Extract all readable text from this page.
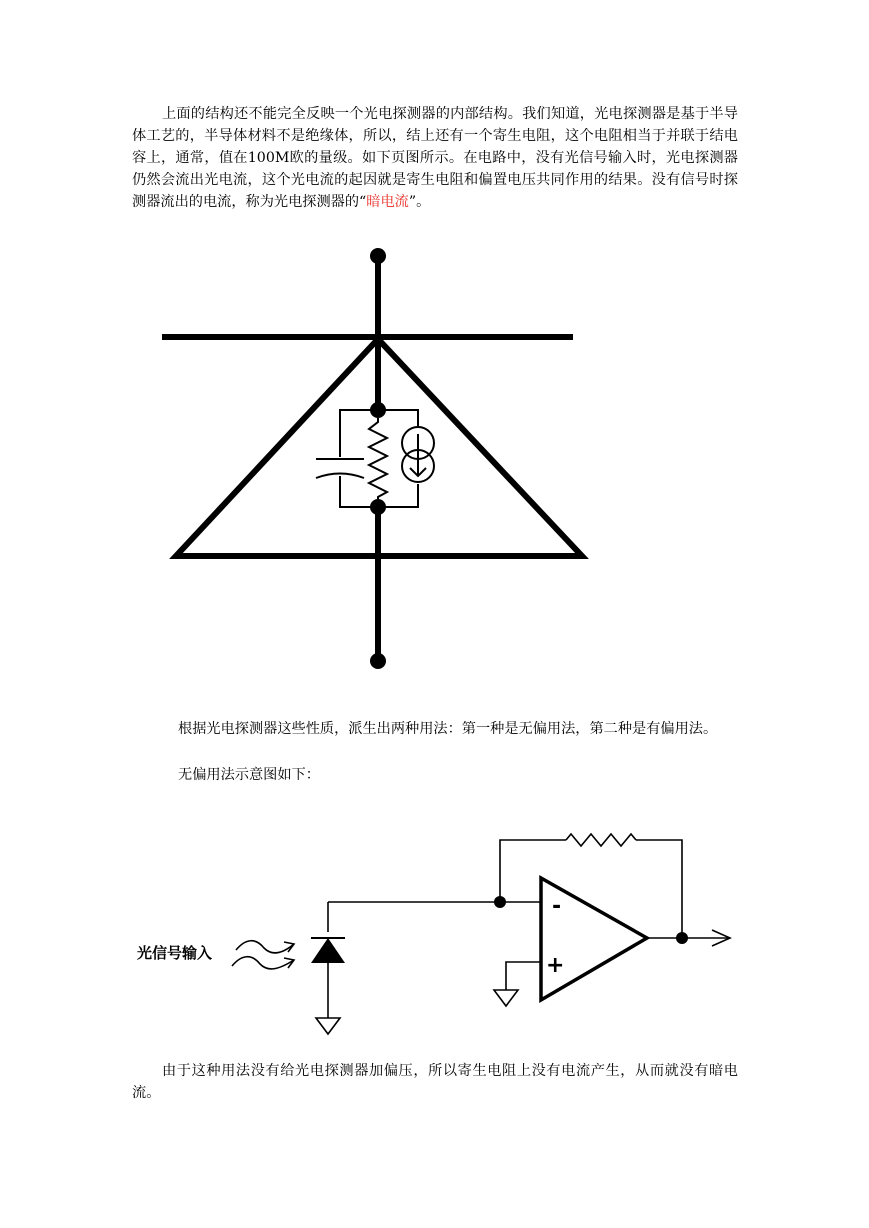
上面的结构还不能完全反映一个光电探测器的内部结构。我们知道，光电探测器是基于半导体工艺的，半导体材料不是绝缘体，所以，结上还有一个寄生电阻，这个电阻相当于并联于结电容上，通常，值在100M欧的量级。如下页图所示。在电路中，没有光信号输入时，光电探测器仍然会流出光电流，这个光电流的起因就是寄生电阻和偏置电压共同作用的结果。没有信号时探测器流出的电流，称为光电探测器的“暗电流”。

根据光电探测器这些性质，派生出两种用法：第一种是无偏用法，第二种是有偏用法。

无偏用法示意图如下：

光信号输入
-
+

由于这种用法没有给光电探测器加偏压，所以寄生电阻上没有电流产生，从而就没有暗电流。
